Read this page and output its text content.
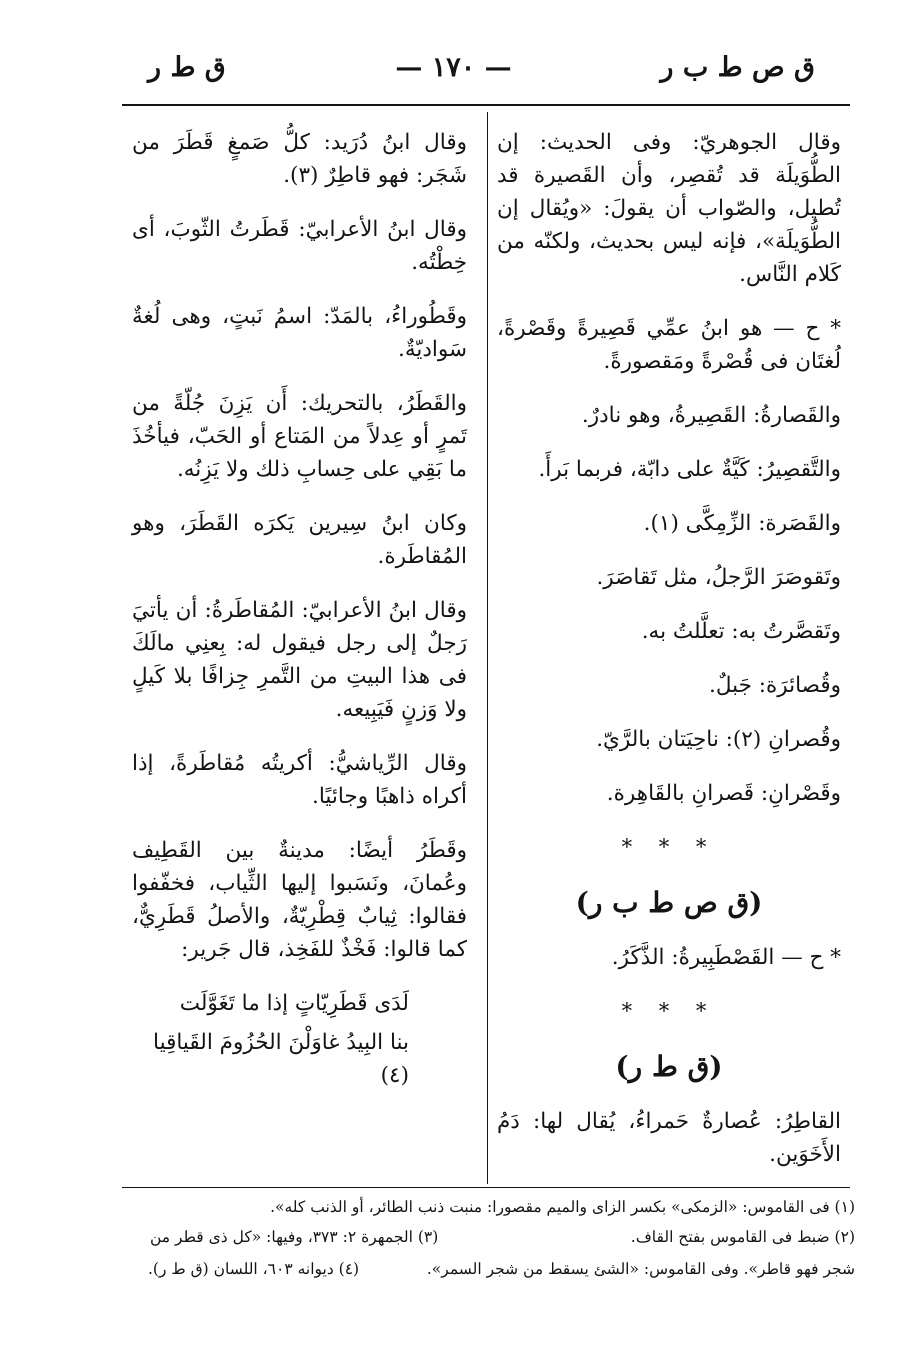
ق ص ط ب ر
— ١٧٠ —
ق ط ر

وقال الجوهريّ: وفى الحديث: إن الطُّوَيلَة قد تُقصِر، وأن القَصيرة قد تُطيل، والصّواب أن يقولَ: «ويُقال إن الطُّوَيلَة»، فإنه ليس بحديث، ولكنّه من كَلام النَّاس.

* ح — هو ابنُ عمِّي قَصِيرةً وقَصْرةً، لُغتَان فى قُصْرةً ومَقصورةً.

والقَصارةُ: القَصِيرةُ، وهو نادرٌ.

والتَّقصِيرُ: كَيَّةٌ على دابّة، فربما بَرأَ.

والقَصَرة: الزِّمِكَّى (١).

وتَقوصَرَ الرَّجلُ، مثل تَقاصَرَ.

وتَقصَّرتُ به: تعلَّلتُ به.

وقُصائرَة: جَبلٌ.

وقُصرانِ (٢): ناحِيَتان بالرَّيّ.

وقَصْرانِ: قَصرانِ بالقَاهِرة.

* * *
(ق ص ط ب ر)

* ح — القَصْطَبِيرةُ: الذَّكَرُ.

* * *
(ق ط ر)

القاطِرُ: عُصارةٌ حَمراءُ، يُقال لها: دَمُ الأَخَوَين.

وقال ابنُ دُرَيد: كلُّ صَمغٍ قَطَرَ من شَجَر: فهو قاطِرٌ (٣).

وقال ابنُ الأعرابيّ: قَطَرتُ الثّوبَ، أى خِطْتُه.

وقَطُوراءُ، بالمَدّ: اسمُ نَبتٍ، وهى لُغةٌ سَواديّةٌ.

والقَطَرُ، بالتحريك: أَن يَزِنَ جُلّةً من تَمرٍ أو عِدلاً من المَتاع أو الحَبّ، فيأخُذَ ما بَقِي على حِسابِ ذلك ولا يَزِنُه.

وكان ابنُ سِيرين يَكرَه القَطَرَ، وهو المُقاطَرة.

وقال ابنُ الأعرابيّ: المُقاطَرةُ: أن يأتيَ رَجلٌ إلى رجل فيقول له: بِعنِي مالَكَ فى هذا البيتِ من التَّمرِ جِزافًا بلا كَيلٍ ولا وَزنٍ فَيَبِيعه.

وقال الرِّياشيُّ: أكريتُه مُقاطَرةً، إذا أكراه ذاهبًا وجائيًا.

وقَطَرُ أيضًا: مدينةٌ بين القَطِيف وعُمانَ، ونَسَبوا إليها الثِّياب، فخفّفوا فقالوا: ثِيابٌ قِطْرِيّةٌ، والأصلُ قَطَرِيٌّ، كما قالوا: فَخْذٌ للفَخِذ، قال جَرير:

لَدَى قَطَرِيّاتٍ إذا ما تَغَوَّلَت

بنا البِيدُ غاوَلْنَ الحُزُومَ القَياقِيا (٤)

(١) فى القاموس: «الزمكى» بكسر الزاى والميم مقصورا: منبت ذنب الطائر، أو الذنب كله».
(٢) ضبط فى القاموس بفتح القاف.
(٣) الجمهرة ٢: ٣٧٣، وفيها: «كل ذى قطر من
شجر فهو قاطر». وفى القاموس: «الشئ يسقط من شجر السمر».
(٤) ديوانه ٦٠٣، اللسان (ق ط ر).
